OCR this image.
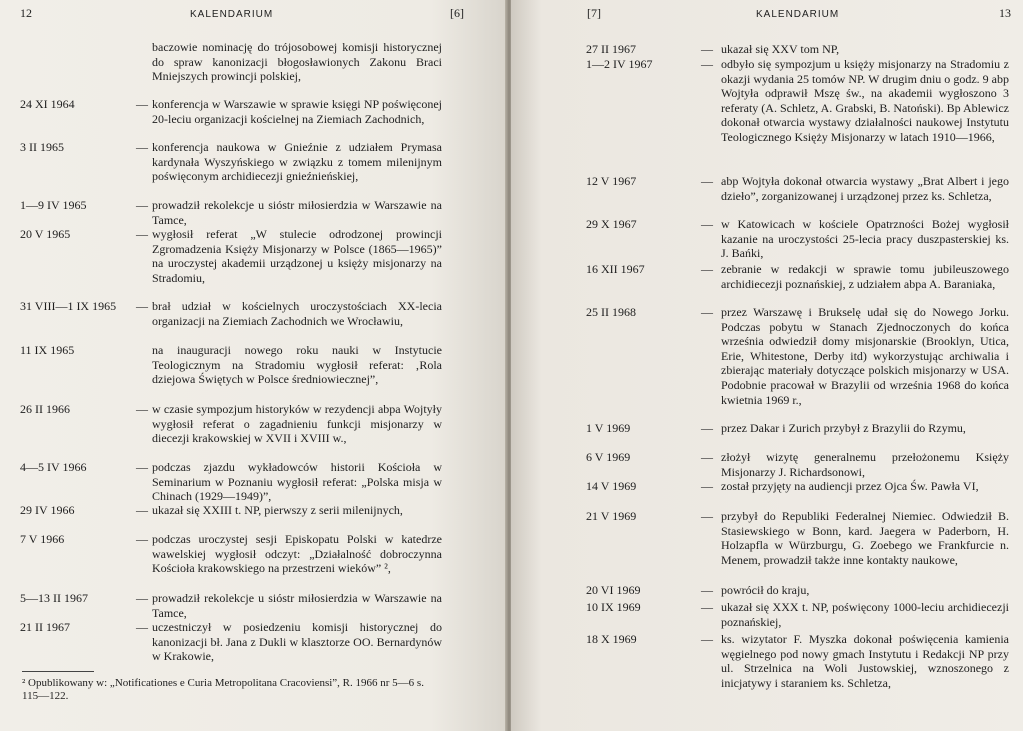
12	KALENDARIUM	[6]
baczowie nominację do trójosobowej komisji historycznej do spraw kanonizacji błogosławionych Zakonu Braci Mniejszych prowincji polskiej,
24 XI 1964	— konferencja w Warszawie w sprawie księgi NP poświęconej 20-leciu organizacji kościelnej na Ziemiach Zachodnich,
3 II 1965	— konferencja naukowa w Gnieźnie z udziałem Prymasa kardynała Wyszyńskiego w związku z tomem milenijnym poświęconym archidiecezji gnieźnieńskiej,
1—9 IV 1965	— prowadził rekolekcje u sióstr miłosierdzia w Warszawie na Tamce,
20 V 1965	— wygłosił referat „W stulecie odrodzonej prowincji Zgromadzenia Księży Misjonarzy w Polsce (1865—1965)” na uroczystej akademii urządzonej u księży misjonarzy na Stradomiu,
31 VIII—1 IX 1965 — brał udział w kościelnych uroczystościach XX-lecia organizacji na Ziemiach Zachodnich we Wrocławiu,
11 IX 1965	na inauguracji nowego roku nauki w Instytucie Teologicznym na Stradomiu wygłosił referat: ‚Rola dziejowa Świętych w Polsce średniowiecznej”,
26 II 1966	— w czasie sympozjum historyków w rezydencji abpa Wojtyły wygłosił referat o zagadnieniu funkcji misjonarzy w diecezji krakowskiej w XVII i XVIII w.,
4—5 IV 1966	— podczas zjazdu wykładowców historii Kościoła w Seminarium w Poznaniu wygłosił referat: „Polska misja w Chinach (1929—1949)”,
29 IV 1966	— ukazał się XXIII t. NP, pierwszy z serii milenijnych,
7 V 1966	— podczas uroczystej sesji Episkopatu Polski w katedrze wawelskiej wygłosił odczyt: „Działalność dobroczynna Kościoła krakowskiego na przestrzeni wieków” ²,
5—13 II 1967	— prowadził rekolekcje u sióstr miłosierdzia w Warszawie na Tamce,
21 II 1967	— uczestniczył w posiedzeniu komisji historycznej do kanonizacji bł. Jana z Dukli w klasztorze OO. Bernardynów w Krakowie,
² Opublikowany w: „Notificationes e Curia Metropolitana Cracoviensi”, R. 1966 nr 5—6 s. 115—122.
[7]	KALENDARIUM	13
27 II 1967	— ukazał się XXV tom NP,
1—2 IV 1967	— odbyło się sympozjum u księży misjonarzy na Stradomiu z okazji wydania 25 tomów NP. W drugim dniu o godz. 9 abp Wojtyła odprawił Mszę św., na akademii wygłoszono 3 referaty (A. Schletz, A. Grabski, B. Natoński). Bp Ablewicz dokonał otwarcia wystawy działalności naukowej Instytutu Teologicznego Księży Misjonarzy w latach 1910—1966,
12 V 1967	— abp Wojtyła dokonał otwarcia wystawy „Brat Albert i jego dzieło”, zorganizowanej i urządzonej przez ks. Schletza,
29 X 1967	— w Katowicach w kościele Opatrzności Bożej wygłosił kazanie na uroczystości 25-lecia pracy duszpasterskiej ks. J. Bańki,
16 XII 1967	— zebranie w redakcji w sprawie tomu jubileuszowego archidiecezji poznańskiej, z udziałem abpa A. Baraniaka,
25 II 1968	— przez Warszawę i Brukselę udał się do Nowego Jorku. Podczas pobytu w Stanach Zjednoczonych do końca września odwiedził domy misjonarskie (Brooklyn, Utica, Erie, Whitestone, Derby itd) wykorzystując archiwalia i zbierając materiały dotyczące polskich misjonarzy w USA. Podobnie pracował w Brazylii od września 1968 do końca kwietnia 1969 r.,
1 V 1969	— przez Dakar i Zurich przybył z Brazylii do Rzymu,
6 V 1969	— złożył wizytę generalnemu przełożonemu Księży Misjonarzy J. Richardsonowi,
14 V 1969	— został przyjęty na audiencji przez Ojca Św. Pawła VI,
21 V 1969	— przybył do Republiki Federalnej Niemiec. Odwiedził B. Stasiewskiego w Bonn, kard. Jaegera w Paderborn, H. Holzapfla w Würzburgu, G. Zoebego we Frankfurcie n. Menem, prowadził także inne kontakty naukowe,
20 VI 1969	— powrócił do kraju,
10 IX 1969	— ukazał się XXX t. NP, poświęcony 1000-leciu archidiecezji poznańskiej,
18 X 1969	— ks. wizytator F. Myszka dokonał poświęcenia kamienia węgielnego pod nowy gmach Instytutu i Redakcji NP przy ul. Strzelnica na Woli Justowskiej, wznoszonego z inicjatywy i staraniem ks. Schletza,
